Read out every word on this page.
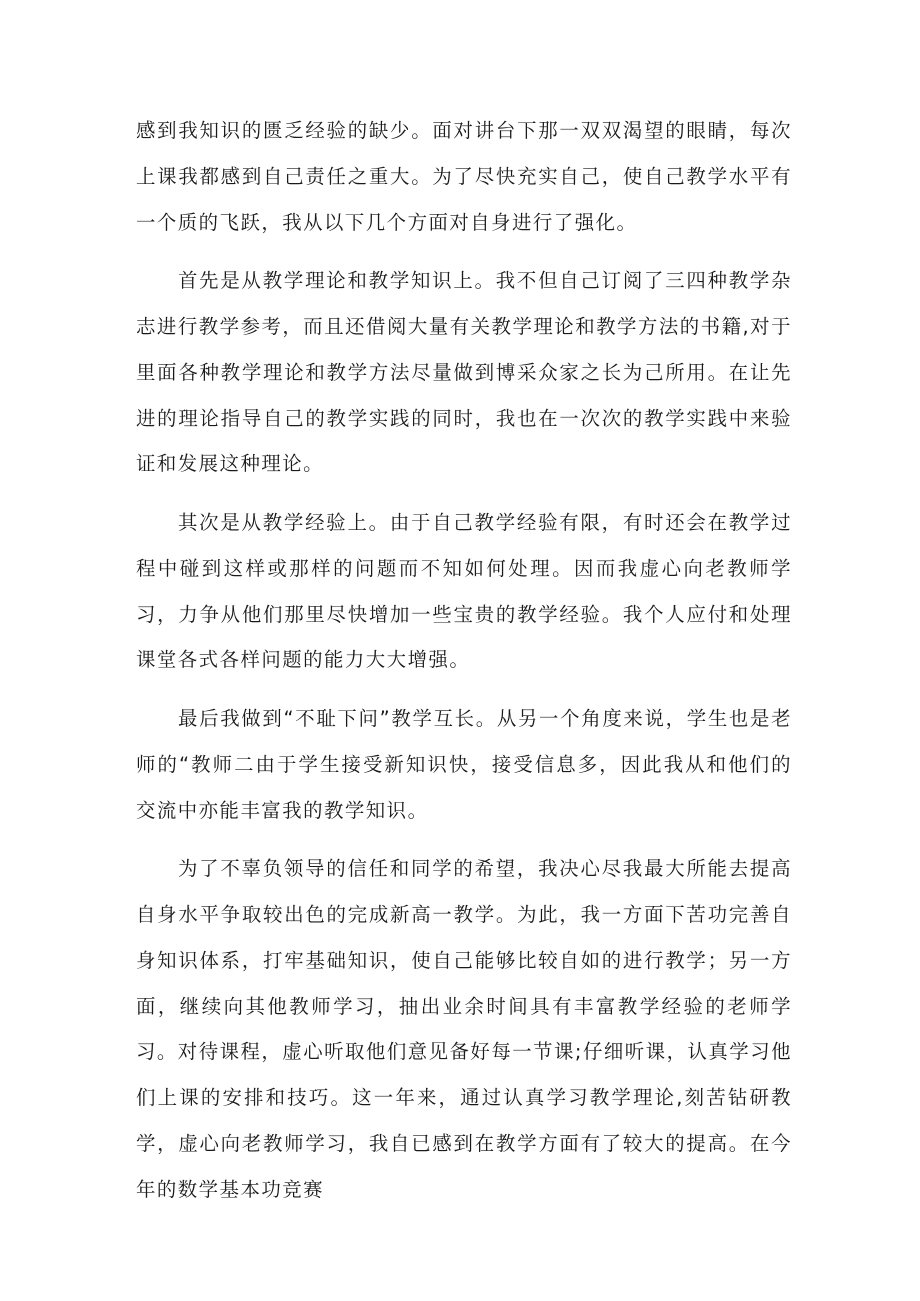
感到我知识的匮乏经验的缺少。面对讲台下那一双双渴望的眼睛，每次上课我都感到自己责任之重大。为了尽快充实自己，使自己教学水平有一个质的飞跃，我从以下几个方面对自身进行了强化。

首先是从教学理论和教学知识上。我不但自己订阅了三四种教学杂志进行教学参考，而且还借阅大量有关教学理论和教学方法的书籍,对于里面各种教学理论和教学方法尽量做到博采众家之长为己所用。在让先进的理论指导自己的教学实践的同时，我也在一次次的教学实践中来验证和发展这种理论。

其次是从教学经验上。由于自己教学经验有限，有时还会在教学过程中碰到这样或那样的问题而不知如何处理。因而我虚心向老教师学习，力争从他们那里尽快增加一些宝贵的教学经验。我个人应付和处理课堂各式各样问题的能力大大增强。

最后我做到“不耻下问”教学互长。从另一个角度来说，学生也是老师的“教师二由于学生接受新知识快，接受信息多，因此我从和他们的交流中亦能丰富我的教学知识。

为了不辜负领导的信任和同学的希望，我决心尽我最大所能去提高自身水平争取较出色的完成新高一教学。为此，我一方面下苦功完善自身知识体系，打牢基础知识，使自己能够比较自如的进行教学；另一方面，继续向其他教师学习，抽出业余时间具有丰富教学经验的老师学习。对待课程，虚心听取他们意见备好每一节课;仔细听课，认真学习他们上课的安排和技巧。这一年来，通过认真学习教学理论,刻苦钻研教学，虚心向老教师学习，我自已感到在教学方面有了较大的提高。在今年的数学基本功竞赛
